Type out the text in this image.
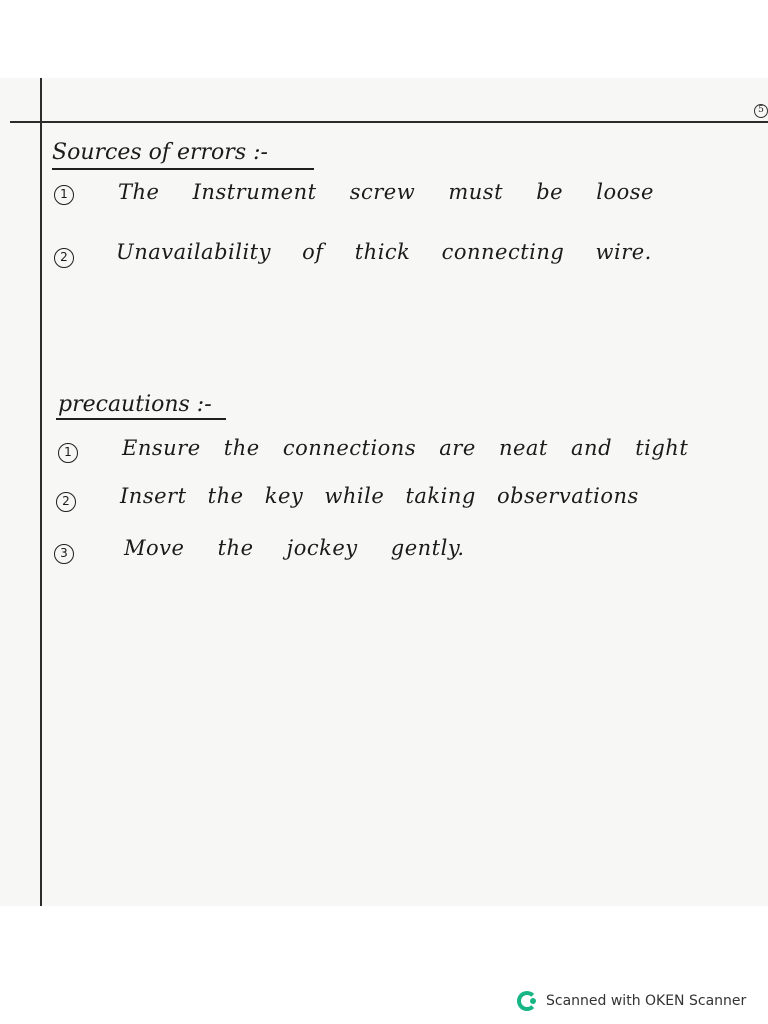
5
Sources of errors :-
1 The Instrument screw must be loose
2 Unavailability of thick connecting wire.
precautions :-
1 Ensure the connections are neat and tight
2 Insert the key while taking observations
3	Move the jockey gently.
Scanned with OKEN Scanner
